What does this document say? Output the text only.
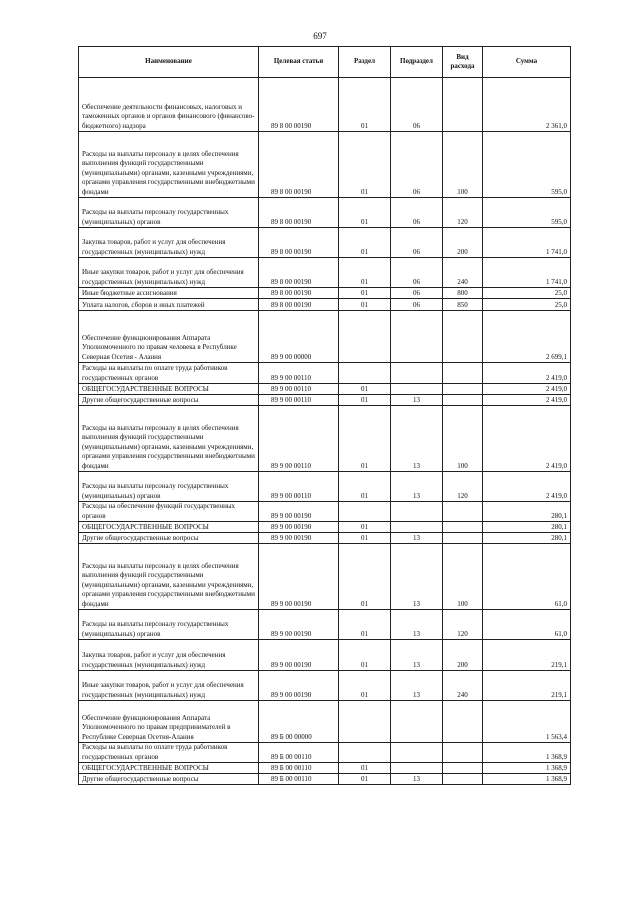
697
Наименование	Целевая статья	Раздел	Подраздел	Вид расхода	Сумма
Обеспечение деятельности финансовых, налоговых и таможенных органов и органов финансового (финансово-бюджетного) надзора	89 8 00 00190	01	06		2 361,0
Расходы на выплаты персоналу в целях обеспечения выполнения функций государственными (муниципальными) органами, казенными учреждениями, органами управления государственными внебюджетными фондами	89 8 00 00190	01	06	100	595,0
Расходы на выплаты персоналу государственных (муниципальных) органов	89 8 00 00190	01	06	120	595,0
Закупка товаров, работ и услуг для обеспечения государственных (муниципальных) нужд	89 8 00 00190	01	06	200	1 741,0
Иные закупки товаров, работ и услуг для обеспечения государственных (муниципальных) нужд	89 8 00 00190	01	06	240	1 741,0
Иные бюджетные ассигнования	89 8 00 00190	01	06	800	25,0
Уплата налогов, сборов и иных платежей	89 8 00 00190	01	06	850	25,0
Обеспечение функционирования Аппарата Уполномоченного по правам человека в Республике Северная Осетия - Алания	89 9 00 00000				2 699,1
Расходы на выплаты по оплате труда работников государственных органов	89 9 00 00110				2 419,0
ОБЩЕГОСУДАРСТВЕННЫЕ ВОПРОСЫ	89 9 00 00110	01			2 419,0
Другие общегосударственные вопросы	89 9 00 00110	01	13		2 419,0
Расходы на выплаты персоналу в целях обеспечения выполнения функций государственными (муниципальными) органами, казенными учреждениями, органами управления государственными внебюджетными фондами	89 9 00 00110	01	13	100	2 419,0
Расходы на выплаты персоналу государственных (муниципальных) органов	89 9 00 00110	01	13	120	2 419,0
Расходы на обеспечение функций государственных органов	89 9 00 00190				280,1
ОБЩЕГОСУДАРСТВЕННЫЕ ВОПРОСЫ	89 9 00 00190	01			280,1
Другие общегосударственные вопросы	89 9 00 00190	01	13		280,1
Расходы на выплаты персоналу в целях обеспечения выполнения функций государственными (муниципальными) органами, казенными учреждениями, органами управления государственными внебюджетными фондами	89 9 00 00190	01	13	100	61,0
Расходы на выплаты персоналу государственных (муниципальных) органов	89 9 00 00190	01	13	120	61,0
Закупка товаров, работ и услуг для обеспечения государственных (муниципальных) нужд	89 9 00 00190	01	13	200	219,1
Иные закупки товаров, работ и услуг для обеспечения государственных (муниципальных) нужд	89 9 00 00190	01	13	240	219,1
Обеспечение функционирования Аппарата Уполномоченного по правам предпринимателей в Республике Северная Осетия-Алания	89 Б 00 00000				1 563,4
Расходы на выплаты по оплате труда работников государственных органов	89 Б 00 00110				1 368,9
ОБЩЕГОСУДАРСТВЕННЫЕ ВОПРОСЫ	89 Б 00 00110	01			1 368,9
Другие общегосударственные вопросы	89 Б 00 00110	01	13		1 368,9
